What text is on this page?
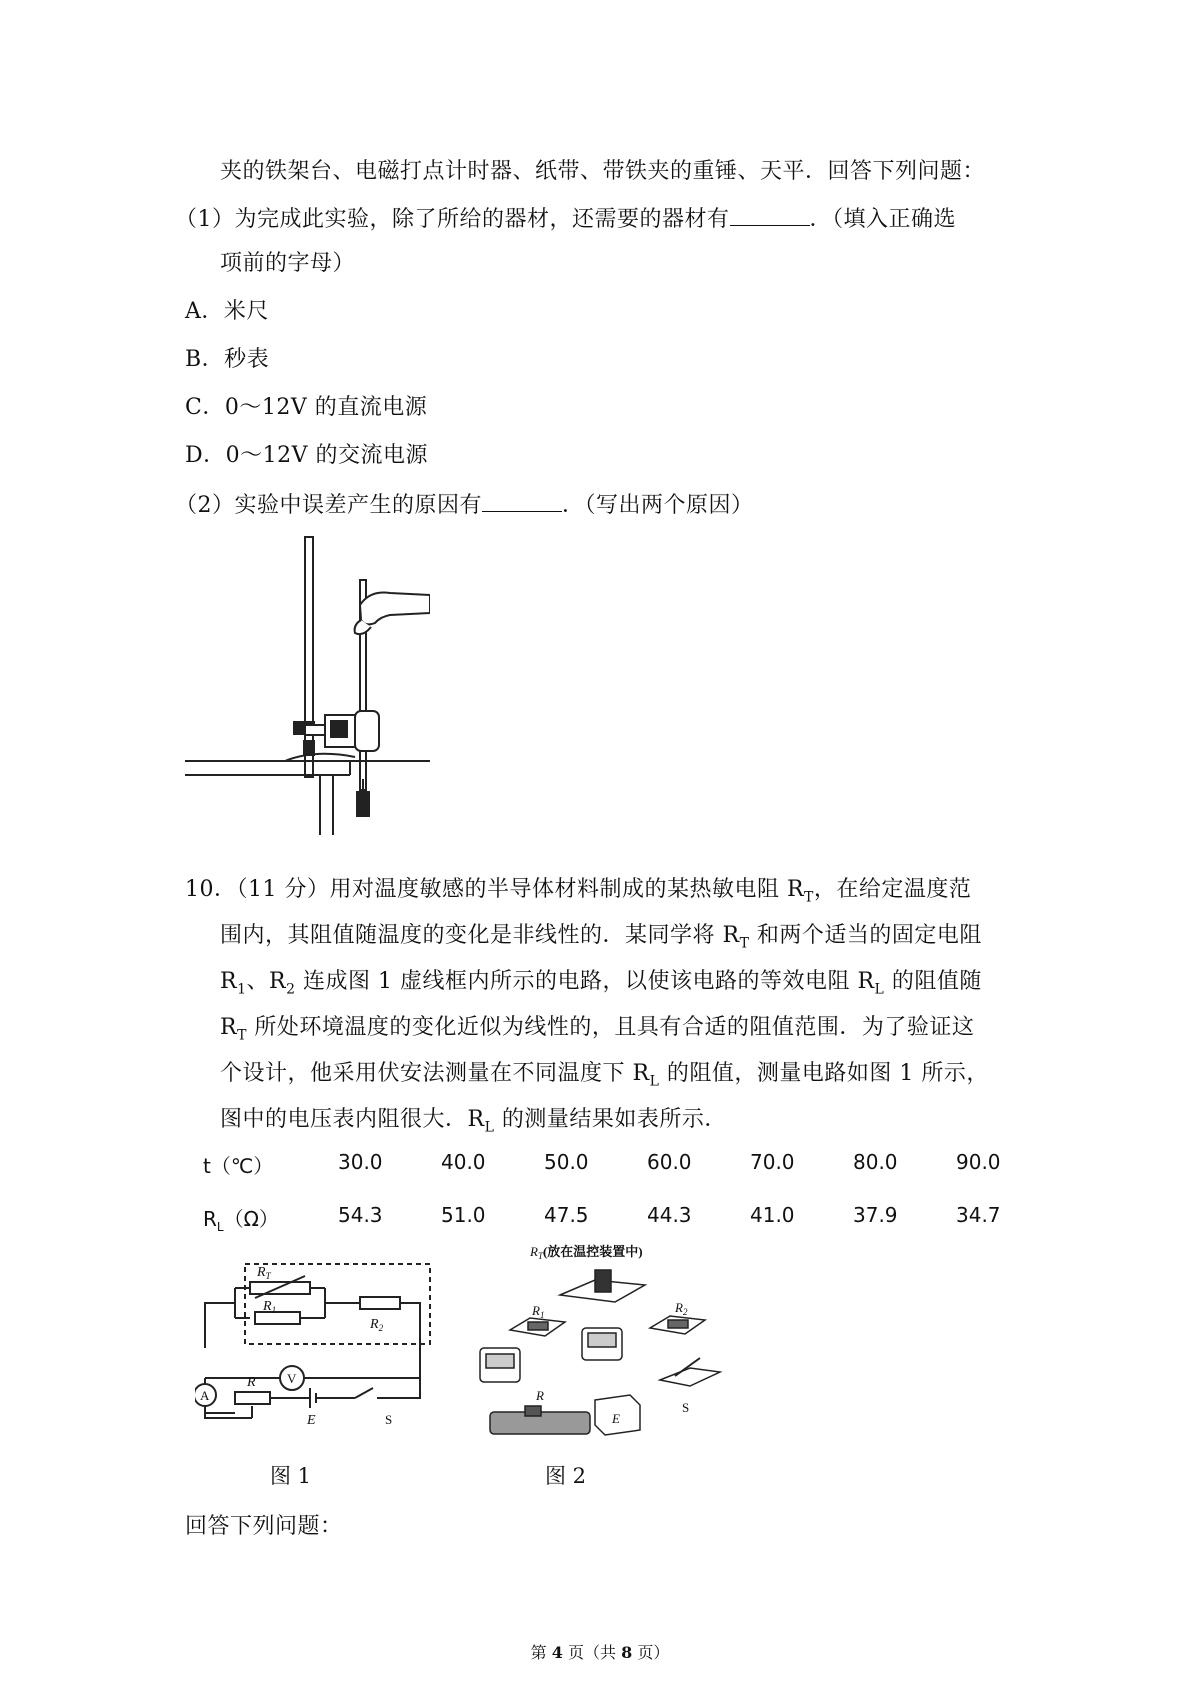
夹的铁架台、电磁打点计时器、纸带、带铁夹的重锤、天平．回答下列问题：
（1）为完成此实验，除了所给的器材，还需要的器材有	．（填入正确选
项前的字母）
A．米尺
B．秒表
C．0～12V 的直流电源
D．0～12V 的交流电源
（2）实验中误差产生的原因有	．（写出两个原因）
10．（11 分）用对温度敏感的半导体材料制成的某热敏电阻 $R_T$，在给定温度范
围内，其阻值随温度的变化是非线性的．某同学将 $R_T$ 和两个适当的固定电阻
$R_1$、$R_2$ 连成图 1 虚线框内所示的电路，以使该电路的等效电阻 $R_L$ 的阻值随
$R_T$ 所处环境温度的变化近似为线性的，且具有合适的阻值范围．为了验证这
个设计，他采用伏安法测量在不同温度下 $R_L$ 的阻值，测量电路如图 1 所示，
图中的电压表内阻很大．$R_L$ 的测量结果如表所示．
t（℃）	30.0	40.0	50.0	60.0	70.0	80.0	90.0
$R_L(\Omega)$	54.3	51.0	47.5	44.3	41.0	37.9	34.7
$R_T$
$R_1$
$R_2$
R
E
V
A
S
$R_T$(放在温控装置中)
$R_1$	$R_2$
R
E
S
图 1	图 2
回答下列问题：
第 4 页（共 8 页）
